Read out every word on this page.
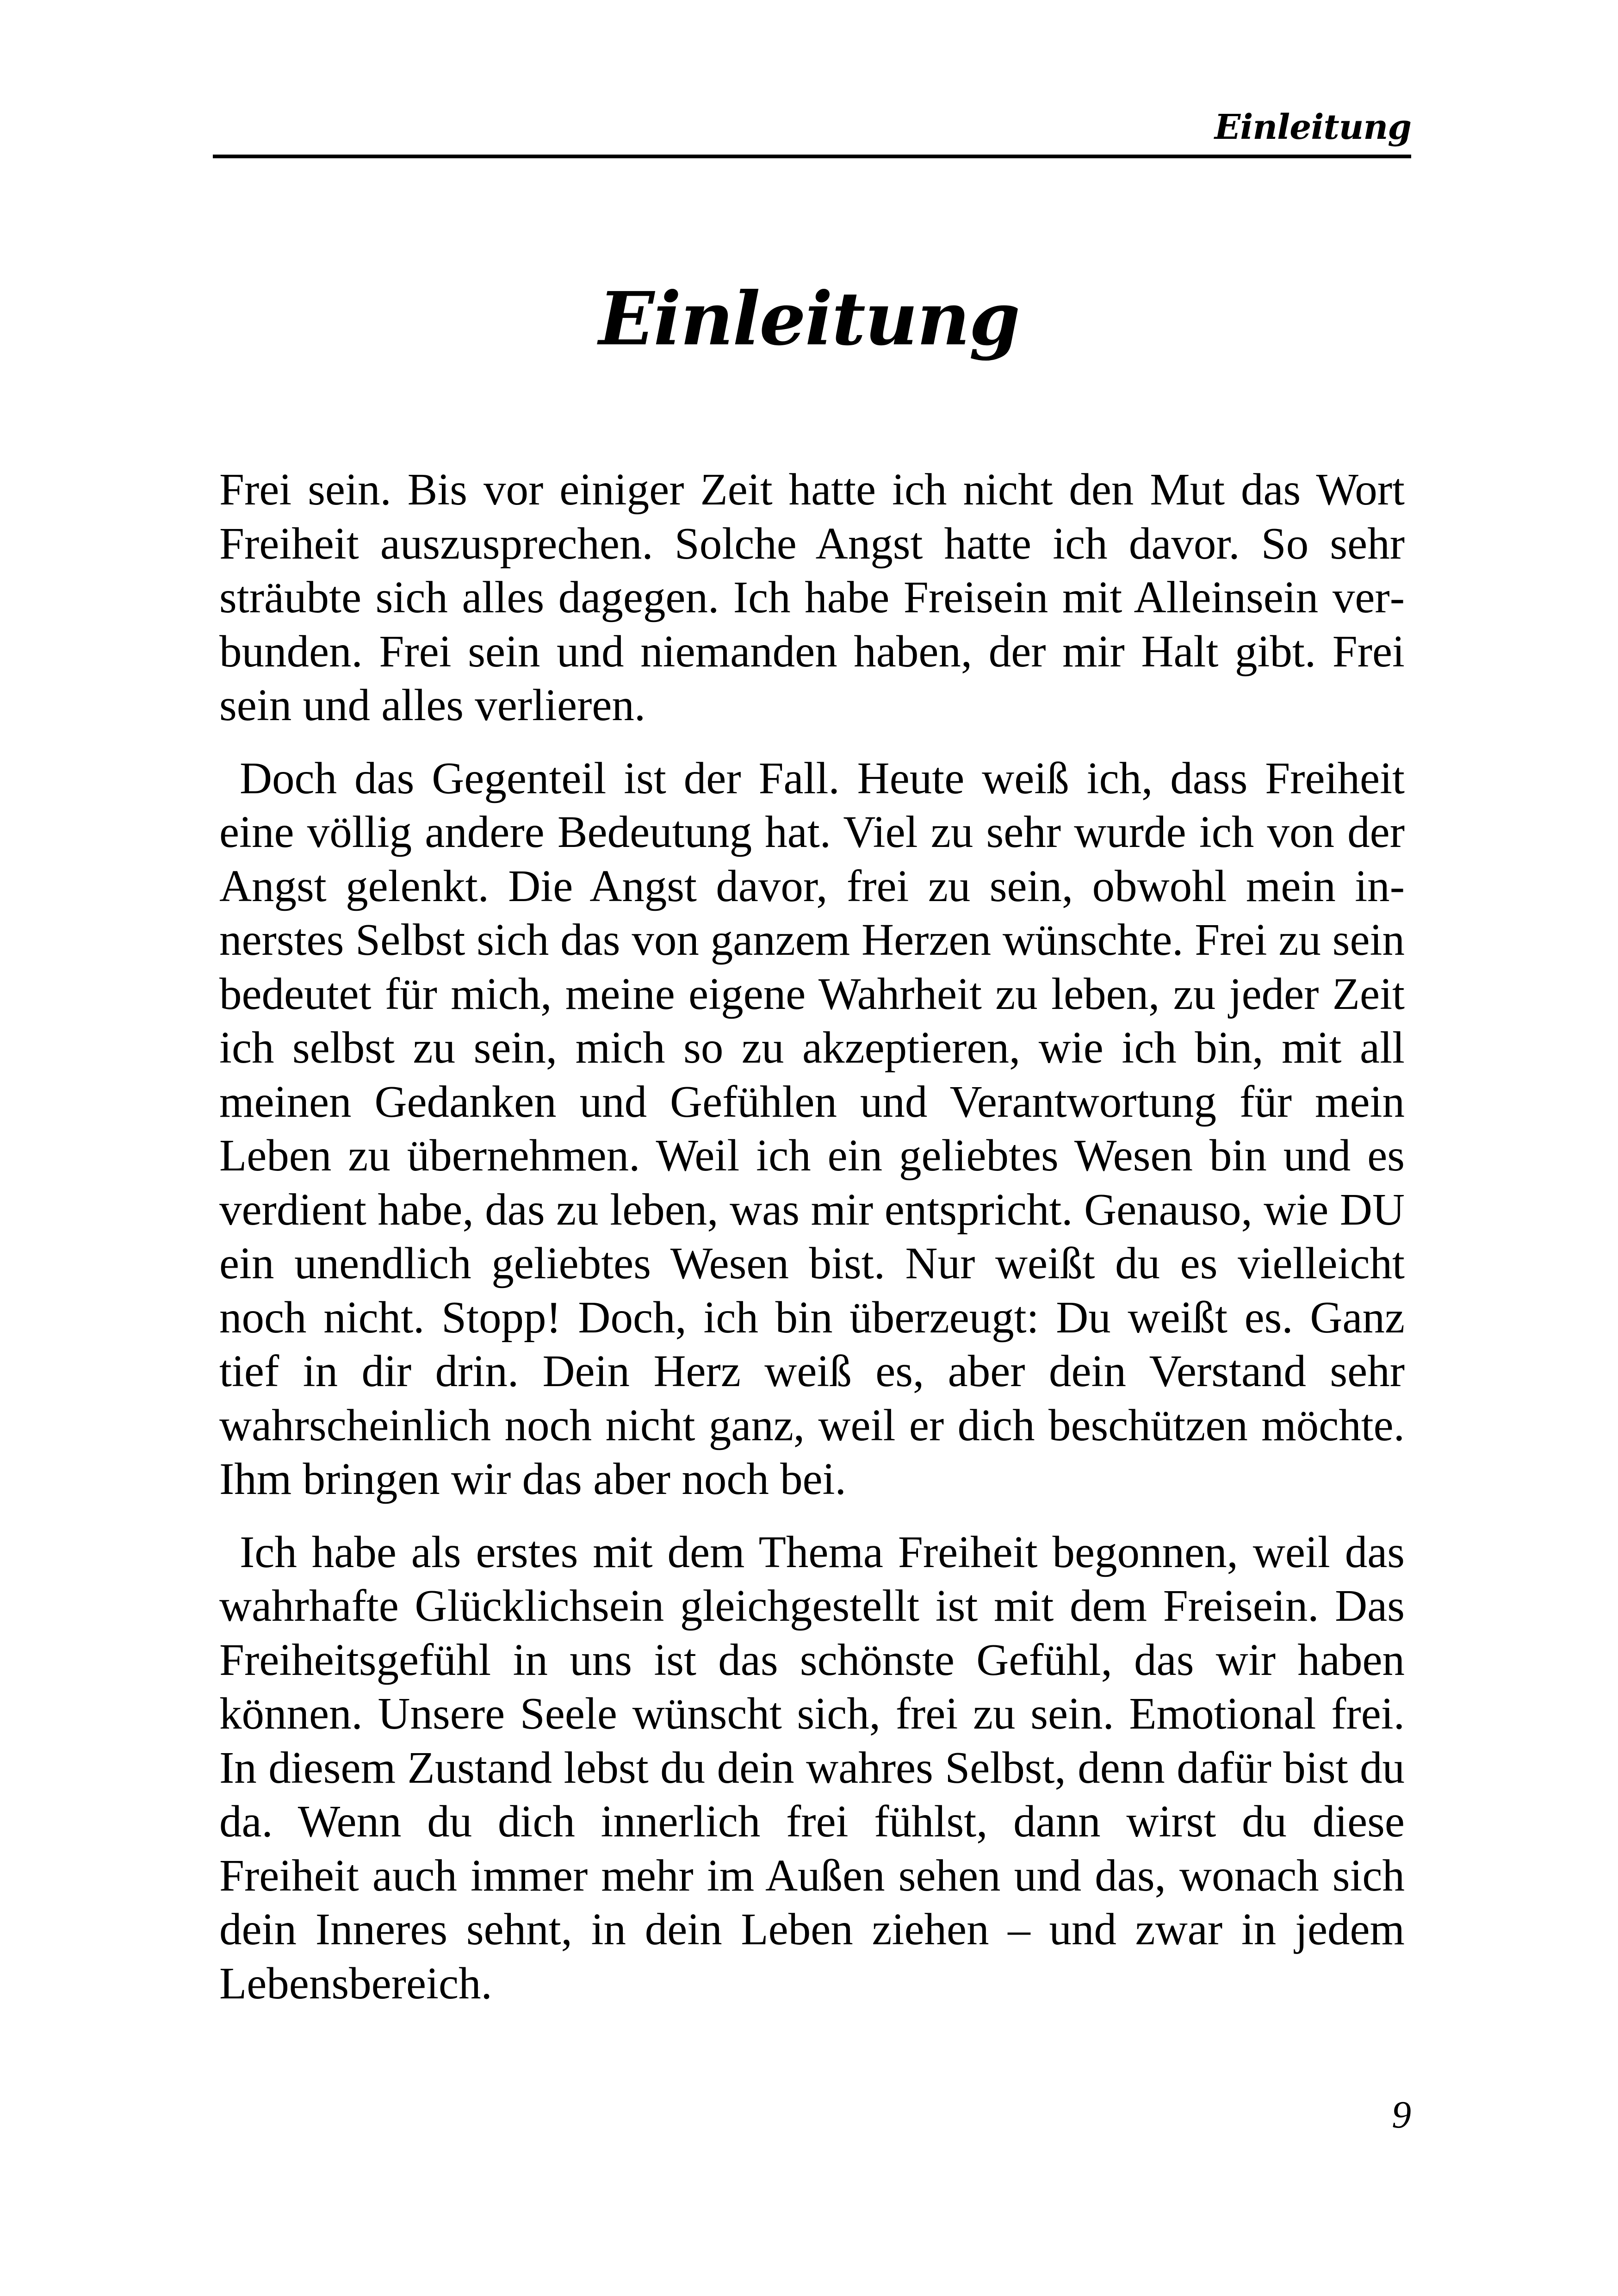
Einleitung
Einleitung

Frei sein. Bis vor einiger Zeit hatte ich nicht den Mut das Wort Freiheit auszusprechen. Solche Angst hatte ich davor. So sehr sträubte sich alles dagegen. Ich habe Freisein mit Alleinsein verbunden. Frei sein und niemanden haben, der mir Halt gibt. Frei sein und alles verlieren.

Doch das Gegenteil ist der Fall. Heute weiß ich, dass Freiheit eine völlig andere Bedeutung hat. Viel zu sehr wurde ich von der Angst gelenkt. Die Angst davor, frei zu sein, obwohl mein innerstes Selbst sich das von ganzem Herzen wünschte. Frei zu sein bedeutet für mich, meine eigene Wahrheit zu leben, zu jeder Zeit ich selbst zu sein, mich so zu akzeptieren, wie ich bin, mit all meinen Gedanken und Gefühlen und Verantwortung für mein Leben zu übernehmen. Weil ich ein geliebtes Wesen bin und es verdient habe, das zu leben, was mir entspricht. Genauso, wie DU ein unendlich geliebtes Wesen bist. Nur weißt du es vielleicht noch nicht. Stopp! Doch, ich bin überzeugt: Du weißt es. Ganz tief in dir drin. Dein Herz weiß es, aber dein Verstand sehr wahrscheinlich noch nicht ganz, weil er dich beschützen möchte. Ihm bringen wir das aber noch bei.

Ich habe als erstes mit dem Thema Freiheit begonnen, weil das wahrhafte Glücklichsein gleichgestellt ist mit dem Freisein. Das Freiheitsgefühl in uns ist das schönste Gefühl, das wir haben können. Unsere Seele wünscht sich, frei zu sein. Emotional frei. In diesem Zustand lebst du dein wahres Selbst, denn dafür bist du da. Wenn du dich innerlich frei fühlst, dann wirst du diese Freiheit auch immer mehr im Außen sehen und das, wonach sich dein Inneres sehnt, in dein Leben ziehen – und zwar in jedem Lebensbereich.

9
